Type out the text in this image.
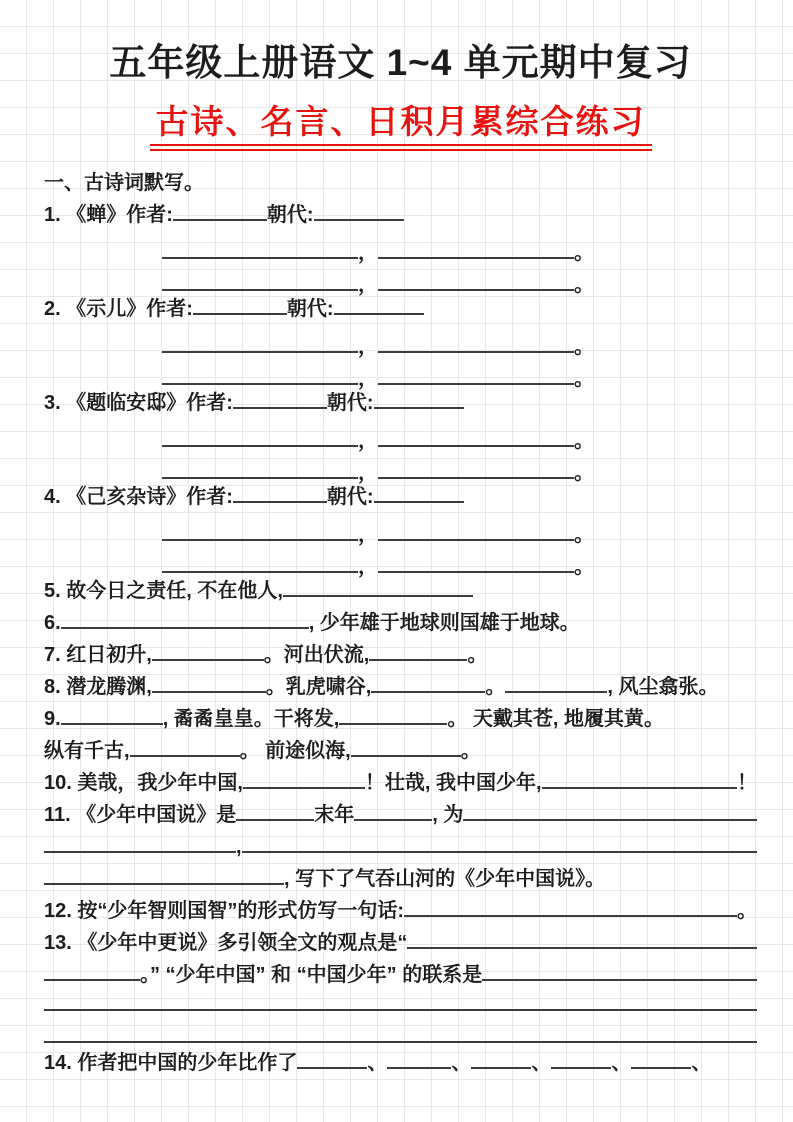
五年级上册语文 1~4 单元期中复习
古诗、名言、日积月累综合练习
一、古诗词默写。
1. 《蝉》作者:	朝代:
，	。
，	。
2. 《示儿》作者:	朝代:
，	。
，	。
3. 《题临安邸》作者:	朝代:
，	。
，	。
4. 《己亥杂诗》作者:	朝代:
，	。
，	。
5. 故今日之责任, 不在他人,
6.	, 少年雄于地球则国雄于地球。
7. 红日初升,	。河出伏流,	。
8. 潜龙腾渊,	。乳虎啸谷,	。	, 风尘翕张。
9.	, 矞矞皇皇。干将发,	。 天戴其苍, 地履其黄。
纵有千古,	。 前途似海,	。
10. 美哉，我少年中国,	！壮哉, 我中国少年,	！
11. 《少年中国说》是	末年	, 为
,
, 写下了气吞山河的《少年中国说》。
12. 按“少年智则国智”的形式仿写一句话:	。
13. 《少年中更说》多引领全文的观点是“
。” “少年中国” 和 “中国少年” 的联系是
14. 作者把中国的少年比作了	、	、	、	、	、
